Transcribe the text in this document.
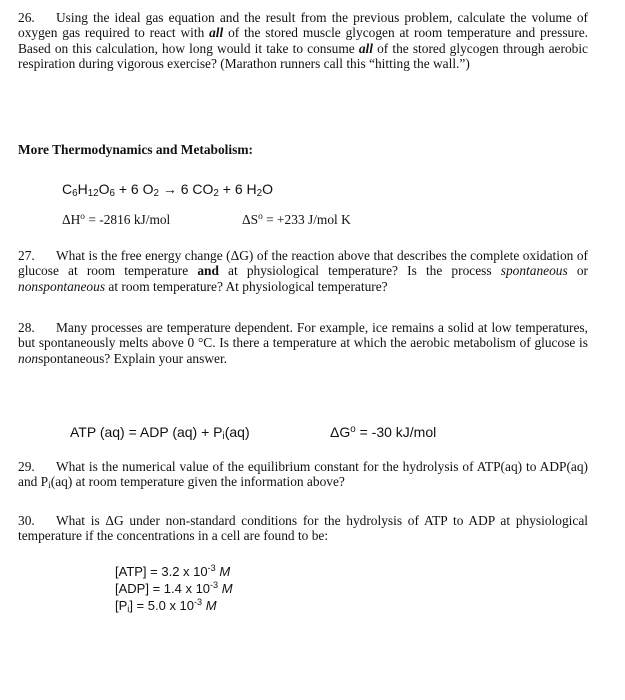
26. Using the ideal gas equation and the result from the previous problem, calculate the volume of oxygen gas required to react with all of the stored muscle glycogen at room temperature and pressure. Based on this calculation, how long would it take to consume all of the stored glycogen through aerobic respiration during vigorous exercise? (Marathon runners call this “hitting the wall.”)
More Thermodynamics and Metabolism:
$C_6H_{12}O_6 + 6$ $O_2 \to 6$ $CO_2 + 6$ $H_2O$
$\Delta H^o = -2816$ kJ/mol	$\Delta S^o = +233$ J/mol K
27. What is the free energy change (ΔG) of the reaction above that describes the complete oxidation of glucose at room temperature and at physiological temperature? Is the process spontaneous or nonspontaneous at room temperature? At physiological temperature?
28. Many processes are temperature dependent. For example, ice remains a solid at low temperatures, but spontaneously melts above 0 °C. Is there a temperature at which the aerobic metabolism of glucose is nonspontaneous? Explain your answer.
ATP (aq) = ADP $(aq) + P_i(aq)$	$\Delta G^o = -30$ kJ/mol
29. What is the numerical value of the equilibrium constant for the hydrolysis of ATP(aq) to ADP(aq) and $P_i(aq)$ at room temperature given the information above?
30. What is ΔG under non-standard conditions for the hydrolysis of ATP to ADP at physiological temperature if the concentrations in a cell are found to be:
[ATP] = 3.2 x $10^{-3}$ M
[ADP] = 1.4 x $10^{-3}$ M
$[P_i] = 5.0$ x $10^{-3}$ M
